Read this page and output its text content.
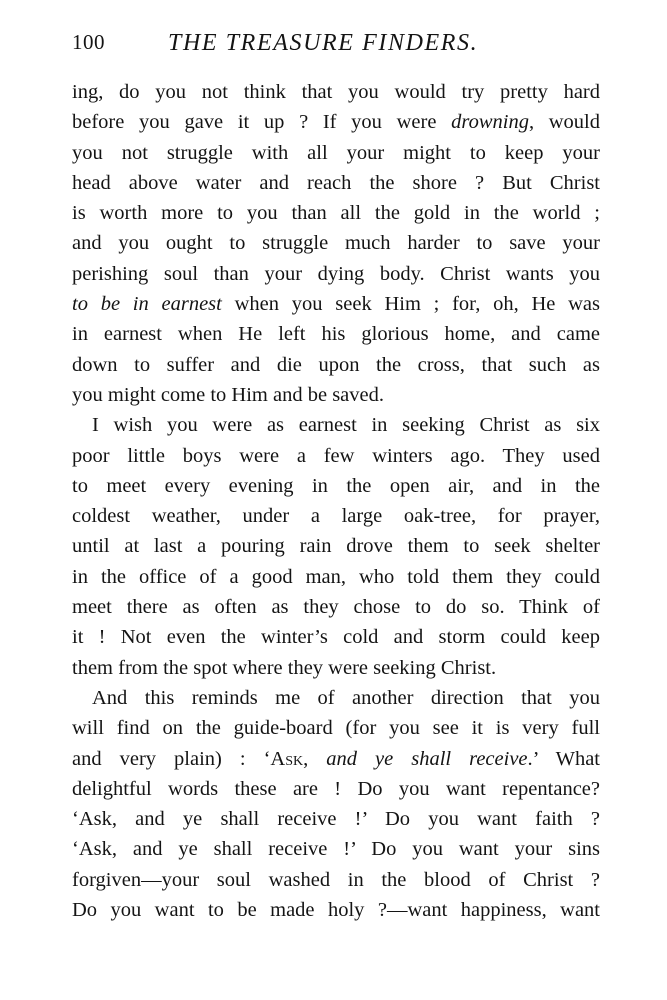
100	THE TREASURE FINDERS.
ing, do you not think that you would try pretty hard
before you gave it up ? If you were drowning, would
you not struggle with all your might to keep your
head above water and reach the shore ? But Christ
is worth more to you than all the gold in the world ;
and you ought to struggle much harder to save your
perishing soul than your dying body. Christ wants you
to be in earnest when you seek Him ; for, oh, He was
in earnest when He left his glorious home, and came
down to suffer and die upon the cross, that such as
you might come to Him and be saved.
I wish you were as earnest in seeking Christ as six
poor little boys were a few winters ago. They used
to meet every evening in the open air, and in the
coldest weather, under a large oak-tree, for prayer,
until at last a pouring rain drove them to seek shelter
in the office of a good man, who told them they could
meet there as often as they chose to do so. Think of
it ! Not even the winter’s cold and storm could keep
them from the spot where they were seeking Christ.
And this reminds me of another direction that you
will find on the guide-board (for you see it is very full
and very plain) : ‘Ask, and ye shall receive.’ What
delightful words these are ! Do you want repentance?
‘Ask, and ye shall receive !’ Do you want faith ?
‘Ask, and ye shall receive !’ Do you want your sins
forgiven—your soul washed in the blood of Christ ?
Do you want to be made holy ?—want happiness, want
